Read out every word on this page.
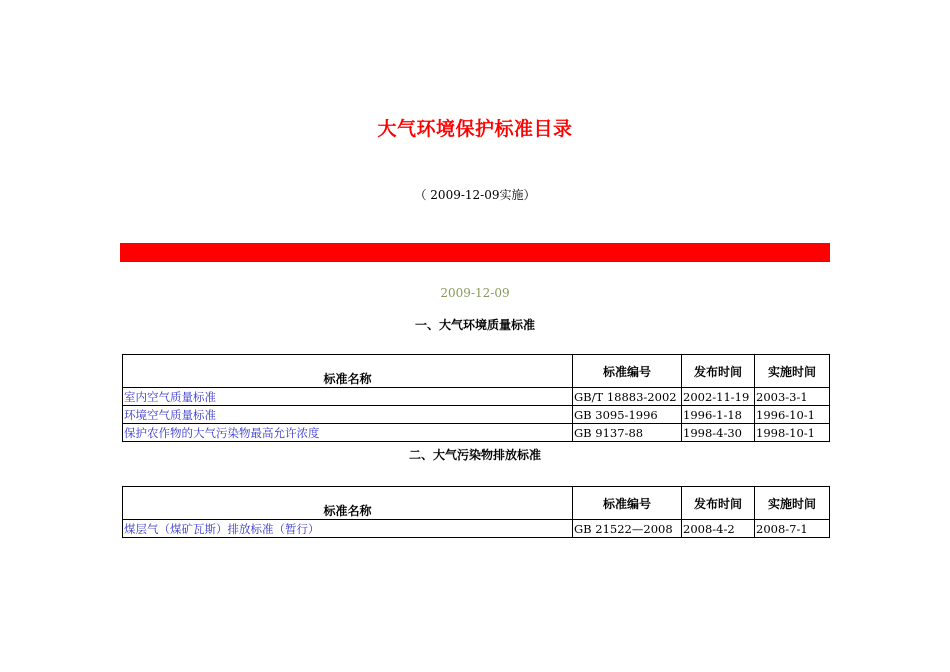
大气环境保护标准目录
（ 2009-12-09实施）
2009-12-09
一、大气环境质量标准
标准名称	标准编号	发布时间	实施时间
室内空气质量标准	GB/T 18883-2002	2002-11-19	2003-3-1
环境空气质量标准	GB 3095-1996	1996-1-18	1996-10-1
保护农作物的大气污染物最高允许浓度	GB 9137-88	1998-4-30	1998-10-1
二、大气污染物排放标准
标准名称	标准编号	发布时间	实施时间
煤层气（煤矿瓦斯）排放标准（暂行）	GB 21522—2008	2008-4-2	2008-7-1
